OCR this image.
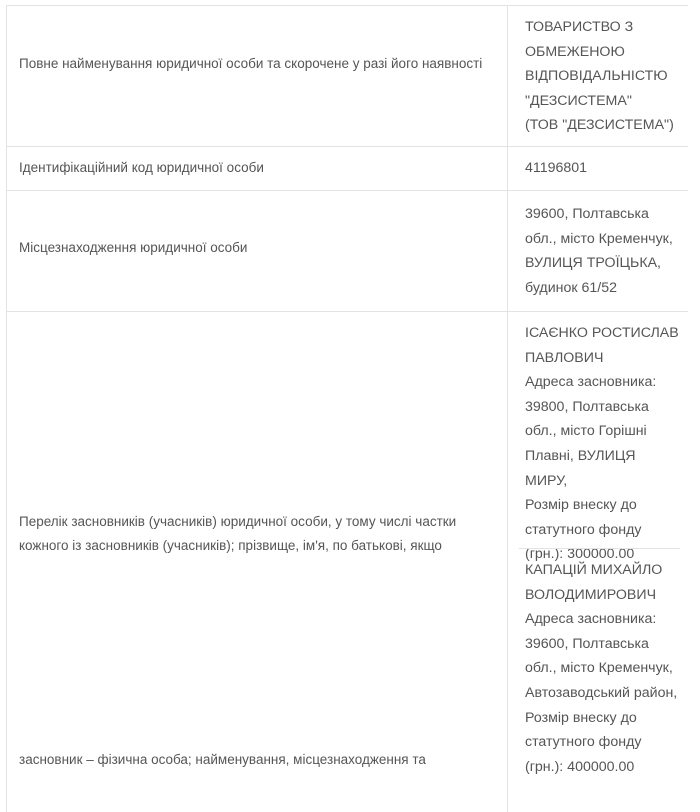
Повне найменування юридичної особи та скорочене у разі його наявності
ТОВАРИСТВО З
ОБМЕЖЕНОЮ
ВІДПОВІДАЛЬНІСТЮ
"ДЕЗСИСТЕМА"
(ТОВ "ДЕЗСИСТЕМА")
Ідентифікаційний код юридичної особи	41196801
Місцезнаходження юридичної особи
39600, Полтавська
обл., місто Кременчук,
ВУЛИЦЯ ТРОЇЦЬКА,
будинок 61/52
Перелік засновників (учасників) юридичної особи, у тому числі частки кожного із засновників (учасників); прізвище, ім'я, по батькові, якщо
засновник – фізична особа; найменування, місцезнаходження та
ІСАЄНКО РОСТИСЛАВ
ПАВЛОВИЧ
Адреса засновника:
39800, Полтавська
обл., місто Горішні
Плавні, ВУЛИЦЯ МИРУ,
Розмір внеску до
статутного фонду
(грн.): 300000.00
КАПАЦІЙ МИХАЙЛО
ВОЛОДИМИРОВИЧ
Адреса засновника:
39600, Полтавська
обл., місто Кременчук,
Автозаводський район,
Розмір внеску до
статутного фонду
(грн.): 400000.00
